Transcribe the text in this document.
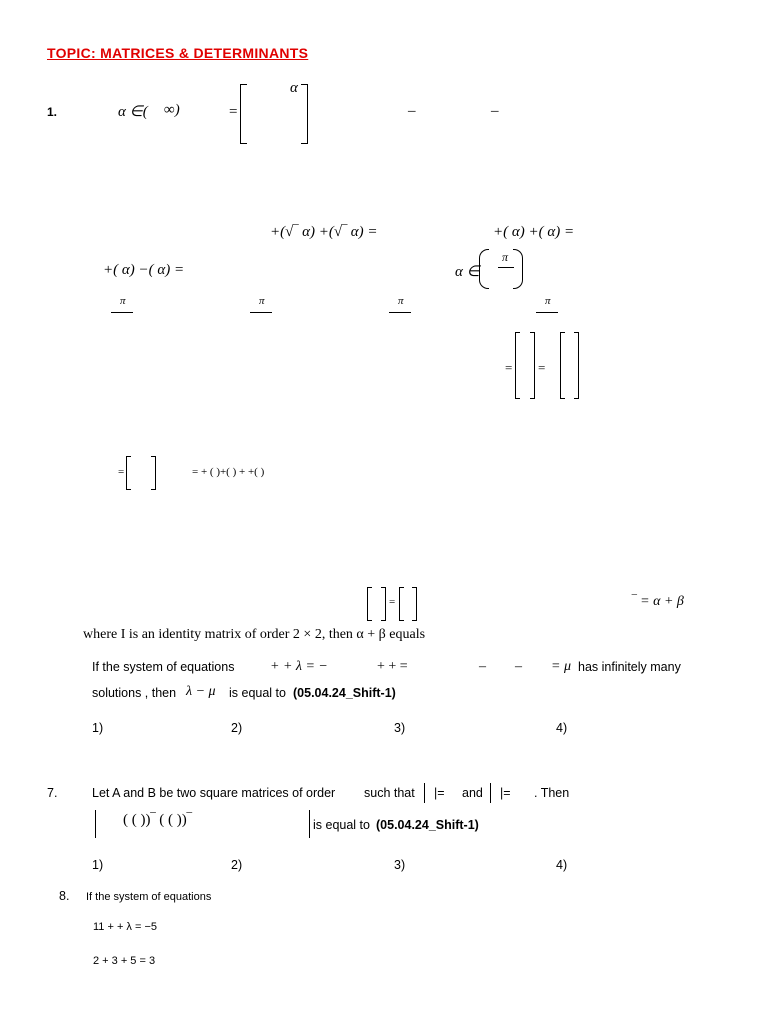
TOPIC: MATRICES & DETERMINANTS
1.	α ∈( ∞)	=
α
–	–
+(√‾ α) +(√‾ α) =	+( α) +( α) =
+( α) −( α) =	α ∈
π
π	π	π	π
= =
=	= + ( )+( ) + +( )
=	‾ = α + β
where I is an identity matrix of order 2 × 2, then α + β equals
If the system of equations	+ + λ = −	+ + =	– – = μ has infinitely many
solutions , then λ − μ is equal to (05.04.24_Shift-1)
1)	2)	3)	4)
7.	Let A and B be two square matrices of order such that |= and |= . Then
( ( ))‾ ( ( ))‾	is equal to (05.04.24_Shift-1)
1)	2)	3)	4)
8. If the system of equations
11 + + λ = −5
2 + 3 + 5 = 3
